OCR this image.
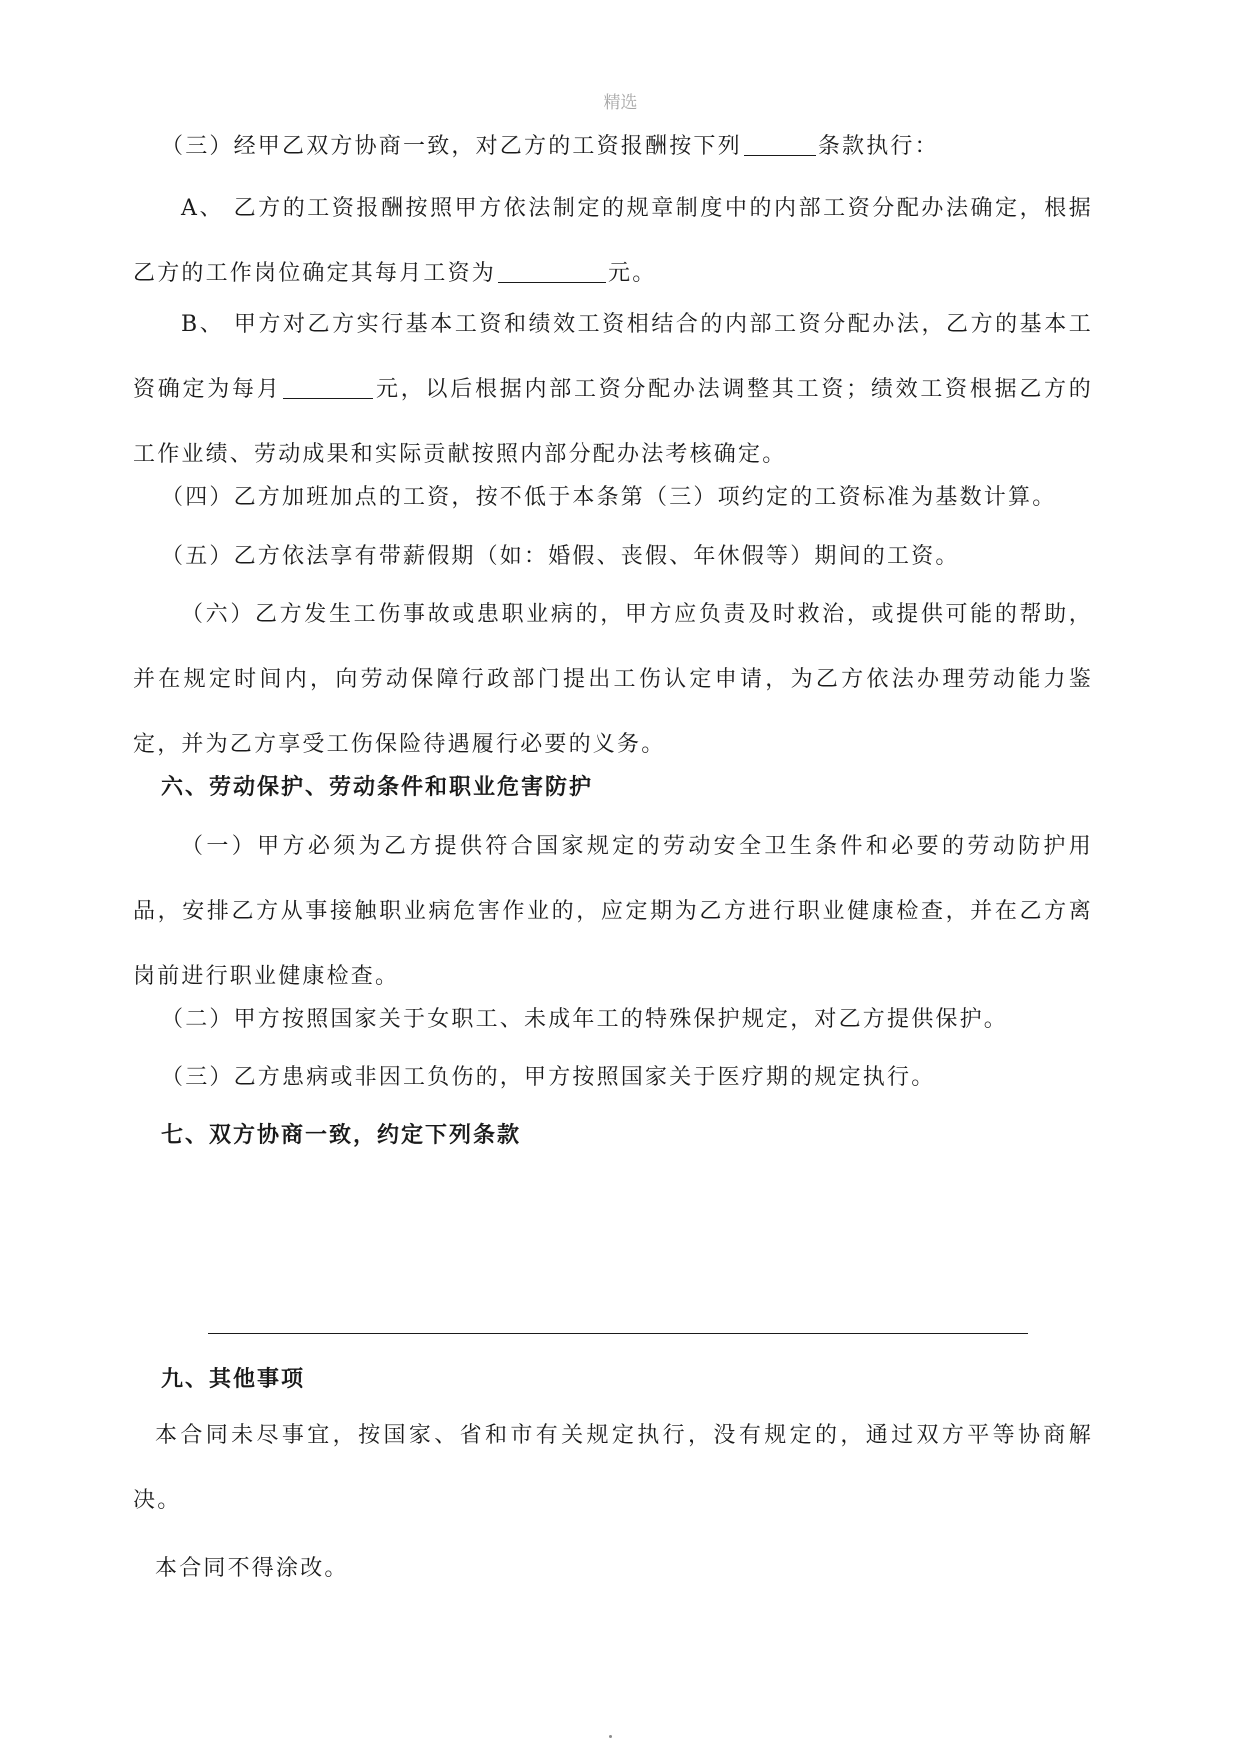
精选
（三）经甲乙双方协商一致，对乙方的工资报酬按下列	条款执行：
A、 乙方的工资报酬按照甲方依法制定的规章制度中的内部工资分配办法确定，根据乙方的工作岗位确定其每月工资为	元。
B、 甲方对乙方实行基本工资和绩效工资相结合的内部工资分配办法，乙方的基本工资确定为每月	元，以后根据内部工资分配办法调整其工资；绩效工资根据乙方的工作业绩、劳动成果和实际贡献按照内部分配办法考核确定。
（四）乙方加班加点的工资，按不低于本条第（三）项约定的工资标准为基数计算。
（五）乙方依法享有带薪假期（如：婚假、丧假、年休假等）期间的工资。
（六）乙方发生工伤事故或患职业病的，甲方应负责及时救治，或提供可能的帮助，并在规定时间内，向劳动保障行政部门提出工伤认定申请，为乙方依法办理劳动能力鉴定，并为乙方享受工伤保险待遇履行必要的义务。
六、劳动保护、劳动条件和职业危害防护
（一）甲方必须为乙方提供符合国家规定的劳动安全卫生条件和必要的劳动防护用品，安排乙方从事接触职业病危害作业的，应定期为乙方进行职业健康检查，并在乙方离岗前进行职业健康检查。
（二）甲方按照国家关于女职工、未成年工的特殊保护规定，对乙方提供保护。
（三）乙方患病或非因工负伤的，甲方按照国家关于医疗期的规定执行。
七、双方协商一致，约定下列条款
九、其他事项
本合同未尽事宜，按国家、省和市有关规定执行，没有规定的，通过双方平等协商解决。
本合同不得涂改。
